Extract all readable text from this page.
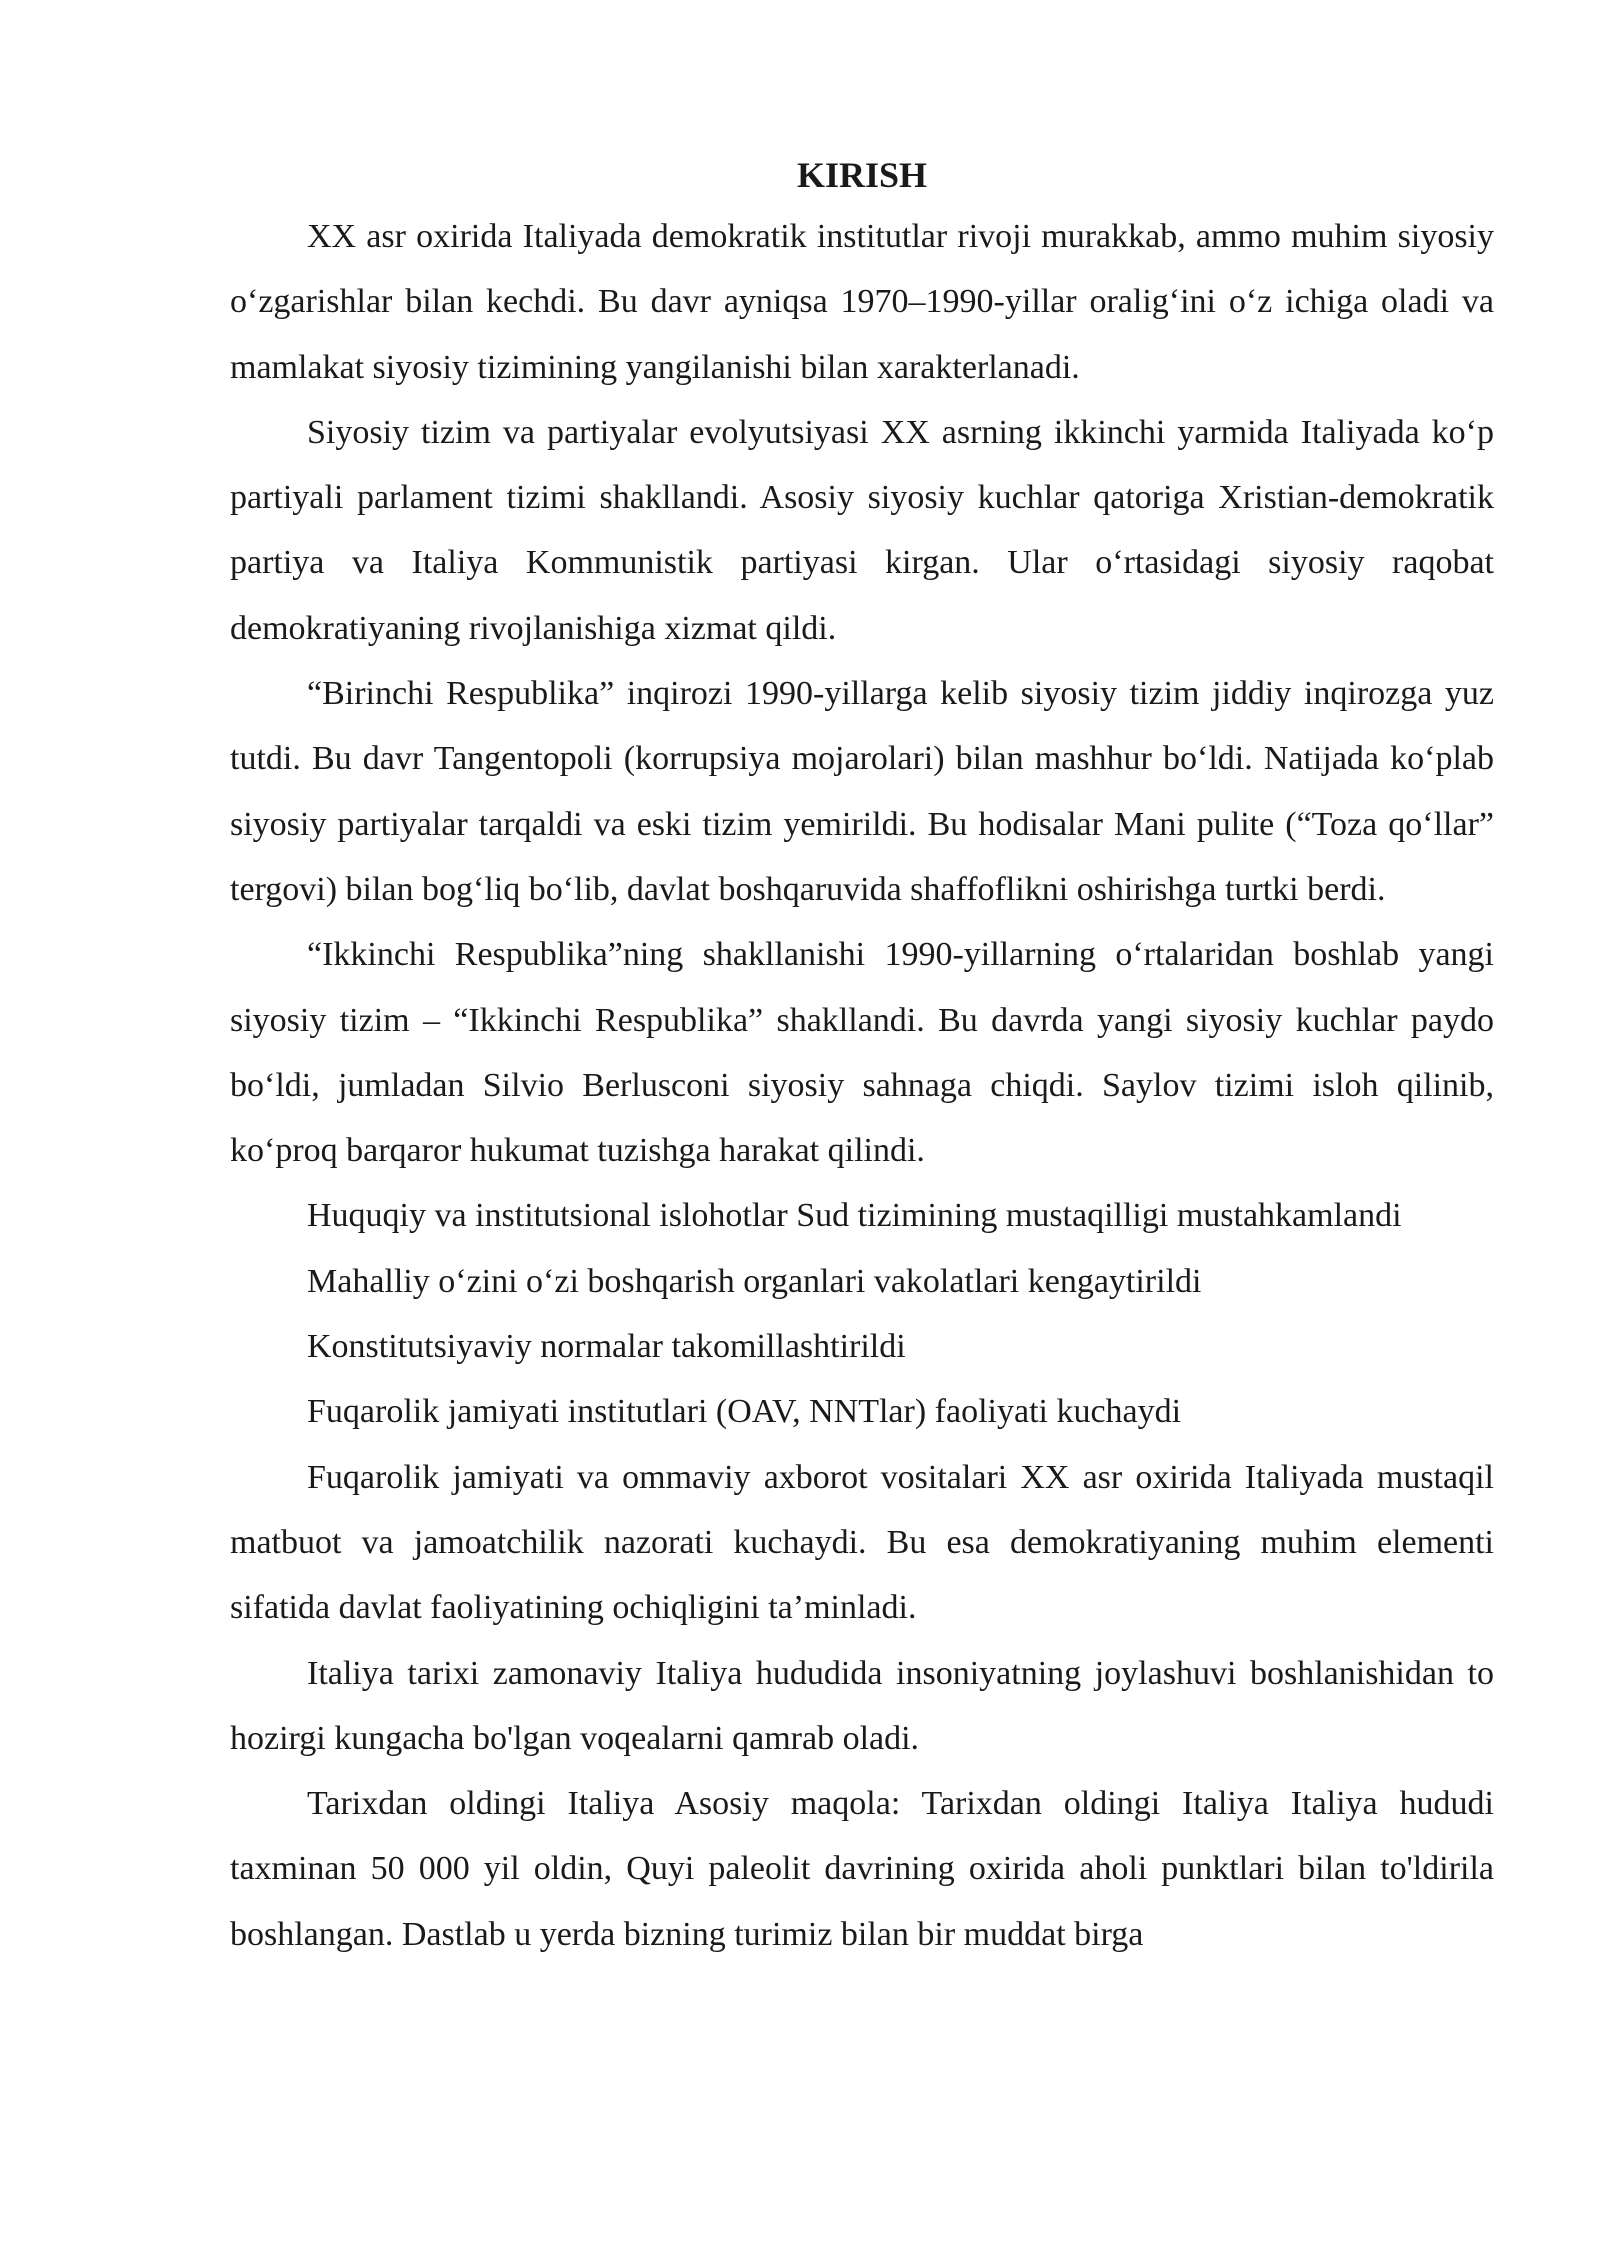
KIRISH

XX asr oxirida Italiyada demokratik institutlar rivoji murakkab, ammo muhim siyosiy o‘zgarishlar bilan kechdi. Bu davr ayniqsa 1970–1990-yillar oralig‘ini o‘z ichiga oladi va mamlakat siyosiy tizimining yangilanishi bilan xarakterlanadi.

Siyosiy tizim va partiyalar evolyutsiyasi XX asrning ikkinchi yarmida Italiyada ko‘p partiyali parlament tizimi shakllandi. Asosiy siyosiy kuchlar qatoriga Xristian-demokratik partiya va Italiya Kommunistik partiyasi kirgan. Ular o‘rtasidagi siyosiy raqobat demokratiyaning rivojlanishiga xizmat qildi.

“Birinchi Respublika” inqirozi 1990-yillarga kelib siyosiy tizim jiddiy inqirozga yuz tutdi. Bu davr Tangentopoli (korrupsiya mojarolari) bilan mashhur bo‘ldi. Natijada ko‘plab siyosiy partiyalar tarqaldi va eski tizim yemirildi. Bu hodisalar Mani pulite (“Toza qo‘llar” tergovi) bilan bog‘liq bo‘lib, davlat boshqaruvida shaffoflikni oshirishga turtki berdi.

“Ikkinchi Respublika”ning shakllanishi 1990-yillarning o‘rtalaridan boshlab yangi siyosiy tizim – “Ikkinchi Respublika” shakllandi. Bu davrda yangi siyosiy kuchlar paydo bo‘ldi, jumladan Silvio Berlusconi siyosiy sahnaga chiqdi. Saylov tizimi isloh qilinib, ko‘proq barqaror hukumat tuzishga harakat qilindi.

Huquqiy va institutsional islohotlar Sud tizimining mustaqilligi mustahkamlandi

Mahalliy o‘zini o‘zi boshqarish organlari vakolatlari kengaytirildi

Konstitutsiyaviy normalar takomillashtirildi

Fuqarolik jamiyati institutlari (OAV, NNTlar) faoliyati kuchaydi

Fuqarolik jamiyati va ommaviy axborot vositalari XX asr oxirida Italiyada mustaqil matbuot va jamoatchilik nazorati kuchaydi. Bu esa demokratiyaning muhim elementi sifatida davlat faoliyatining ochiqligini ta’minladi.

Italiya tarixi zamonaviy Italiya hududida insoniyatning joylashuvi boshlanishidan to hozirgi kungacha bo'lgan voqealarni qamrab oladi.

Tarixdan oldingi Italiya Asosiy maqola: Tarixdan oldingi Italiya Italiya hududi taxminan 50 000 yil oldin, Quyi paleolit davrining oxirida aholi punktlari bilan to'ldirila boshlangan. Dastlab u yerda bizning turimiz bilan bir muddat birga
